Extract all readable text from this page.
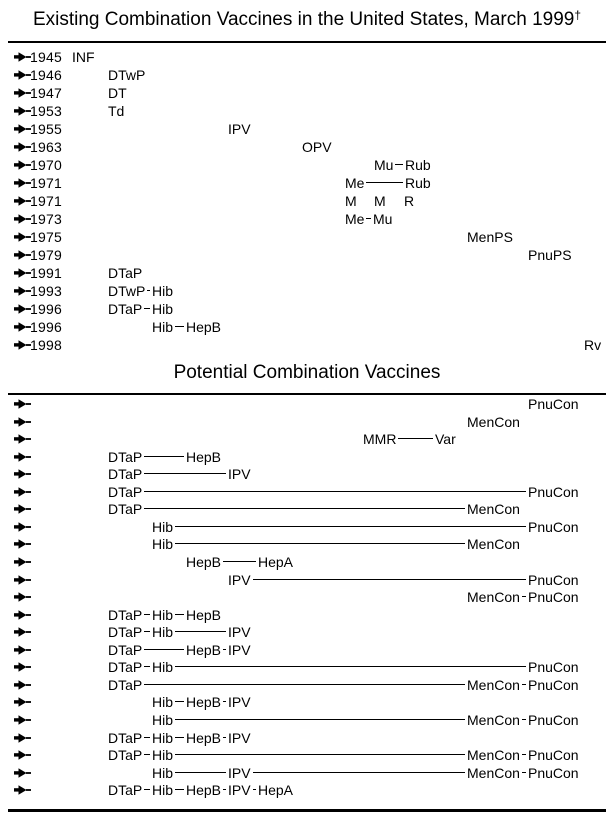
Existing Combination Vaccines in the United States, March 1999†
1945 INF
1946	DTwP
1947	DT
1953	Td
1955	IPV
1963	OPV
1970	Mu Rub
1971	Me	Rub
1971	M M R
1973	Me Mu
1975	MenPS
1979	PnuPS
1991	DTaP
1993	DTwP Hib
1996	DTaP Hib
1996	Hib HepB
1998	Rv
Potential Combination Vaccines
PnuCon
MenCon
MMR	Var
DTaP	HepB
DTaP	IPV
DTaP	PnuCon
DTaP	MenCon
Hib	PnuCon
Hib	MenCon
HepB	HepA
IPV	PnuCon
MenCon PnuCon
DTaP Hib HepB
DTaP Hib	IPV
DTaP	HepB IPV
DTaP Hib	PnuCon
DTaP	MenCon PnuCon
Hib HepB IPV
Hib	MenCon PnuCon
DTaP Hib HepB IPV
DTaP Hib	MenCon PnuCon
Hib	IPV	MenCon PnuCon
DTaP Hib HepB IPV HepA
